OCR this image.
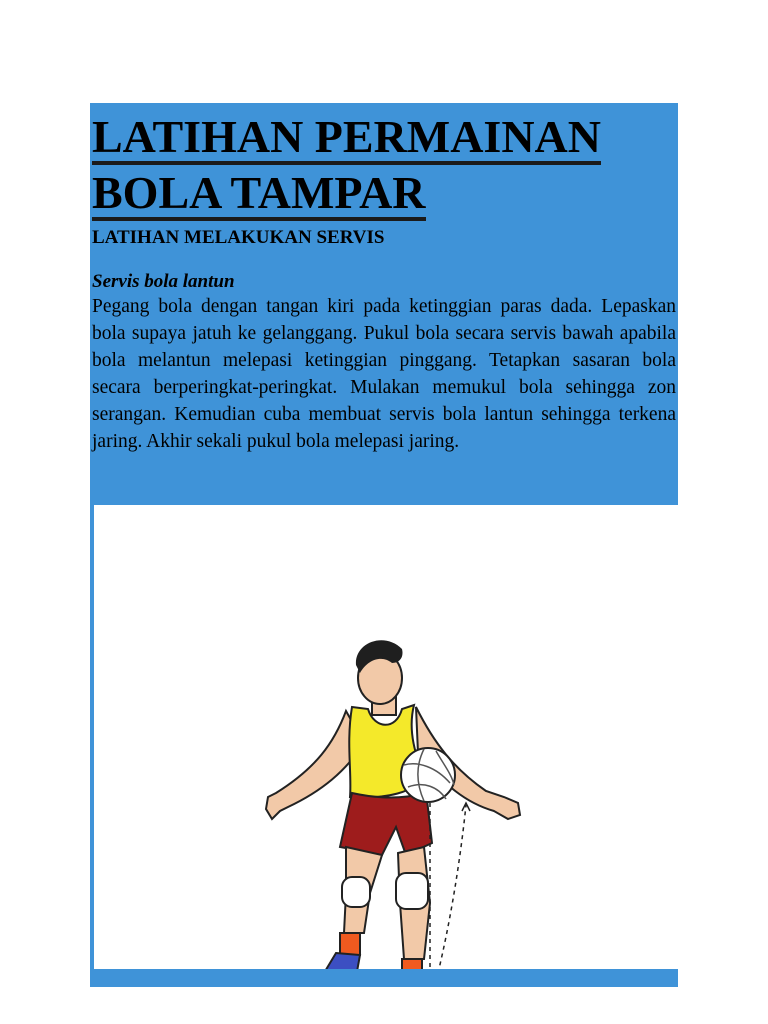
LATIHAN PERMAINAN
BOLA TAMPAR
LATIHAN MELAKUKAN SERVIS
Servis bola lantun

Pegang bola dengan tangan kiri pada ketinggian paras dada. Lepaskan bola supaya jatuh ke gelanggang. Pukul bola secara servis bawah apabila bola melantun melepasi ketinggian pinggang. Tetapkan sasaran bola secara berperingkat-peringkat. Mulakan memukul bola sehingga zon serangan. Kemudian cuba membuat servis bola lantun sehingga terkena jaring. Akhir sekali pukul bola melepasi jaring.
